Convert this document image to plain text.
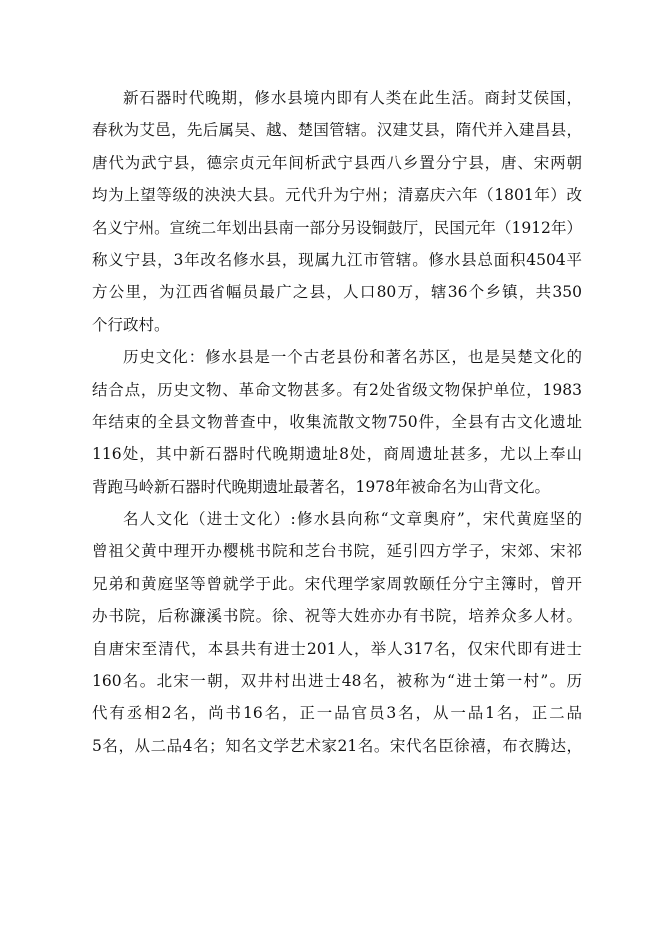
新石器时代晚期，修水县境内即有人类在此生活。商封艾侯国，
春秋为艾邑，先后属吴、越、楚国管辖。汉建艾县，隋代并入建昌县，
唐代为武宁县，德宗贞元年间析武宁县西八乡置分宁县，唐、宋两朝
均为上望等级的泱泱大县。元代升为宁州；清嘉庆六年（1801年）改
名义宁州。宣统二年划出县南一部分另设铜鼓厅，民国元年（1912年）
称义宁县，3年改名修水县，现属九江市管辖。修水县总面积4504平
方公里，为江西省幅员最广之县，人口80万，辖36个乡镇，共350
个行政村。
历史文化：修水县是一个古老县份和著名苏区，也是吴楚文化的
结合点，历史文物、革命文物甚多。有2处省级文物保护单位，1983
年结束的全县文物普查中，收集流散文物750件，全县有古文化遗址
116处，其中新石器时代晚期遗址8处，商周遗址甚多，尤以上奉山
背跑马岭新石器时代晚期遗址最著名，1978年被命名为山背文化。
名人文化（进士文化）:修水县向称“文章奥府”，宋代黄庭坚的
曾祖父黄中理开办樱桃书院和芝台书院，延引四方学子，宋郊、宋祁
兄弟和黄庭坚等曾就学于此。宋代理学家周敦颐任分宁主簿时，曾开
办书院，后称濂溪书院。徐、祝等大姓亦办有书院，培养众多人材。
自唐宋至清代，本县共有进士201人，举人317名，仅宋代即有进士
160名。北宋一朝，双井村出进士48名，被称为“进士第一村”。历
代有丞相2名，尚书16名，正一品官员3名，从一品1名，正二品
5名，从二品4名；知名文学艺术家21名。宋代名臣徐禧，布衣腾达，
